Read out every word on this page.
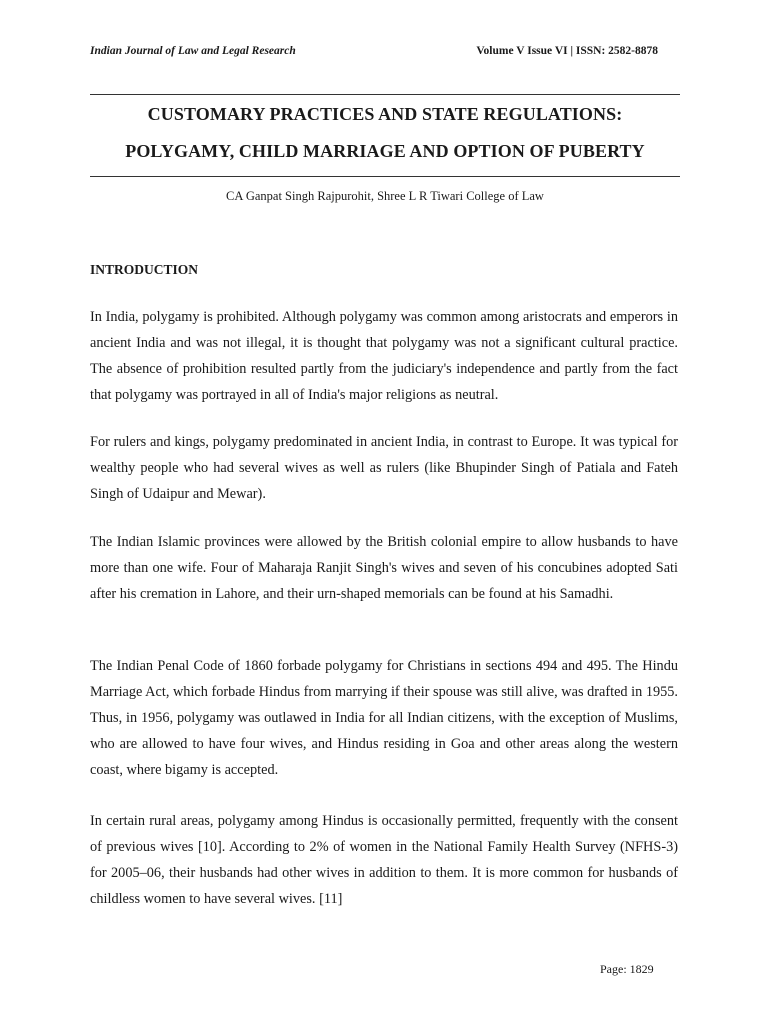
Indian Journal of Law and Legal Research	Volume V Issue VI | ISSN: 2582-8878
CUSTOMARY PRACTICES AND STATE REGULATIONS:
POLYGAMY, CHILD MARRIAGE AND OPTION OF PUBERTY
CA Ganpat Singh Rajpurohit, Shree L R Tiwari College of Law
INTRODUCTION

In India, polygamy is prohibited. Although polygamy was common among aristocrats and emperors in ancient India and was not illegal, it is thought that polygamy was not a significant cultural practice. The absence of prohibition resulted partly from the judiciary's independence and partly from the fact that polygamy was portrayed in all of India's major religions as neutral.

For rulers and kings, polygamy predominated in ancient India, in contrast to Europe. It was typical for wealthy people who had several wives as well as rulers (like Bhupinder Singh of Patiala and Fateh Singh of Udaipur and Mewar).

The Indian Islamic provinces were allowed by the British colonial empire to allow husbands to have more than one wife. Four of Maharaja Ranjit Singh's wives and seven of his concubines adopted Sati after his cremation in Lahore, and their urn-shaped memorials can be found at his Samadhi.

The Indian Penal Code of 1860 forbade polygamy for Christians in sections 494 and 495. The Hindu Marriage Act, which forbade Hindus from marrying if their spouse was still alive, was drafted in 1955. Thus, in 1956, polygamy was outlawed in India for all Indian citizens, with the exception of Muslims, who are allowed to have four wives, and Hindus residing in Goa and other areas along the western coast, where bigamy is accepted.

In certain rural areas, polygamy among Hindus is occasionally permitted, frequently with the consent of previous wives [10]. According to 2% of women in the National Family Health Survey (NFHS-3) for 2005–06, their husbands had other wives in addition to them. It is more common for husbands of childless women to have several wives. [11]

Page: 1829
